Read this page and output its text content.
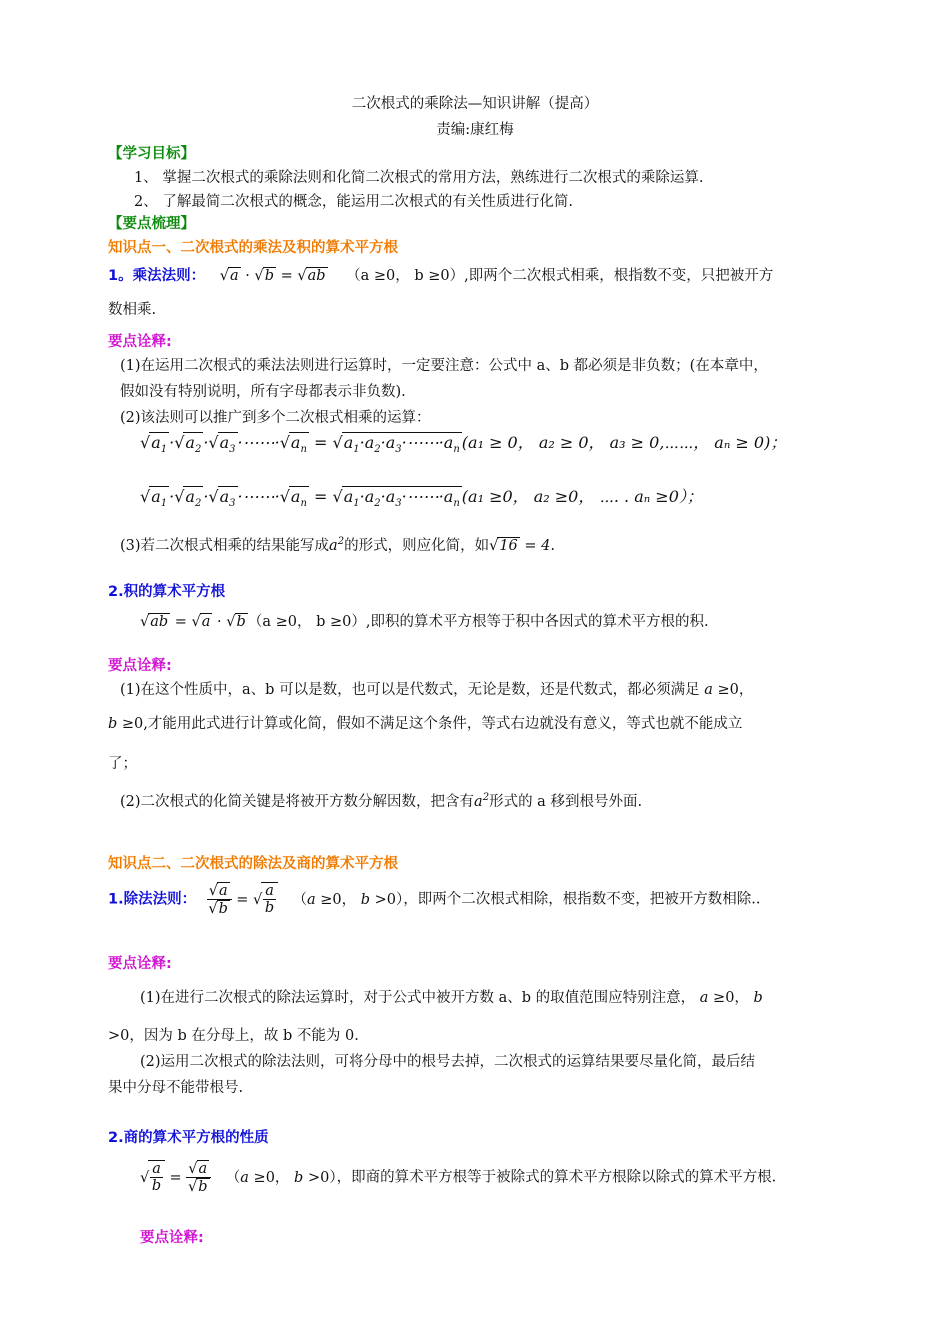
二次根式的乘除法—知识讲解（提高）
责编:康红梅
【学习目标】
1、 掌握二次根式的乘除法则和化简二次根式的常用方法，熟练进行二次根式的乘除运算.
2、 了解最简二次根式的概念，能运用二次根式的有关性质进行化简.
【要点梳理】
知识点一、二次根式的乘法及积的算术平方根
1。乘法法则： √a · √b = √ab （a ≥0， b ≥0）,即两个二次根式相乘，根指数不变，只把被开方
数相乘.
要点诠释:
(1)在运用二次根式的乘法法则进行运算时，一定要注意：公式中 a、b 都必须是非负数；(在本章中，
假如没有特别说明，所有字母都表示非负数).
(2)该法则可以推广到多个二次根式相乘的运算：
$√a_1 \cdot√a_2 \cdot√a_3$ $\cdot\cdots\cdots\cdot√a_n$ = $√a_1\cdot a_2\cdot a_3\cdot\cdots\cdots\cdot a_n$ (a₁ ≥ 0， a₂ ≥ 0， a₃ ≥ 0,⋯⋯， aₙ ≥ 0)；
$√a_1 \cdot√a_2 \cdot√a_3$ $\cdot\cdots\cdots\cdot√a_n$ = $√a_1\cdot a_2\cdot a_3\cdot\cdots\cdots\cdot a_n$ (a₁ ≥0， a₂ ≥0， ⋯. . aₙ ≥0）；
(3)若二次根式相乘的结果能写成$a^2$的形式，则应化简，如√16 = 4.
2.积的算术平方根
√ab = √a · √b （a ≥0， b ≥0）,即积的算术平方根等于积中各因式的算术平方根的积.
要点诠释:
(1)在这个性质中，a、b 可以是数，也可以是代数式，无论是数，还是代数式，都必须满足 a ≥0，
b ≥0,才能用此式进行计算或化简，假如不满足这个条件，等式右边就没有意义，等式也就不能成立
了；
(2)二次根式的化简关键是将被开方数分解因数，把含有$a^2$形式的 a 移到根号外面.
知识点二、二次根式的除法及商的算术平方根
1.除法法则： $\frac{√a}{√b}$ = √ $\frac{a}{b} (a \ge 0$， b >0），即两个二次根式相除，根指数不变，把被开方数相除..
要点诠释:
(1)在进行二次根式的除法运算时，对于公式中被开方数 a、b 的取值范围应特别注意， a ≥0， b
>0，因为 b 在分母上，故 b 不能为 0.
(2)运用二次根式的除法法则，可将分母中的根号去掉，二次根式的运算结果要尽量化简，最后结
果中分母不能带根号.
2.商的算术平方根的性质
√ $\frac{a}{b} = \frac{√a}{√b} (a \ge 0$， b >0），即商的算术平方根等于被除式的算术平方根除以除式的算术平方根.
要点诠释:
